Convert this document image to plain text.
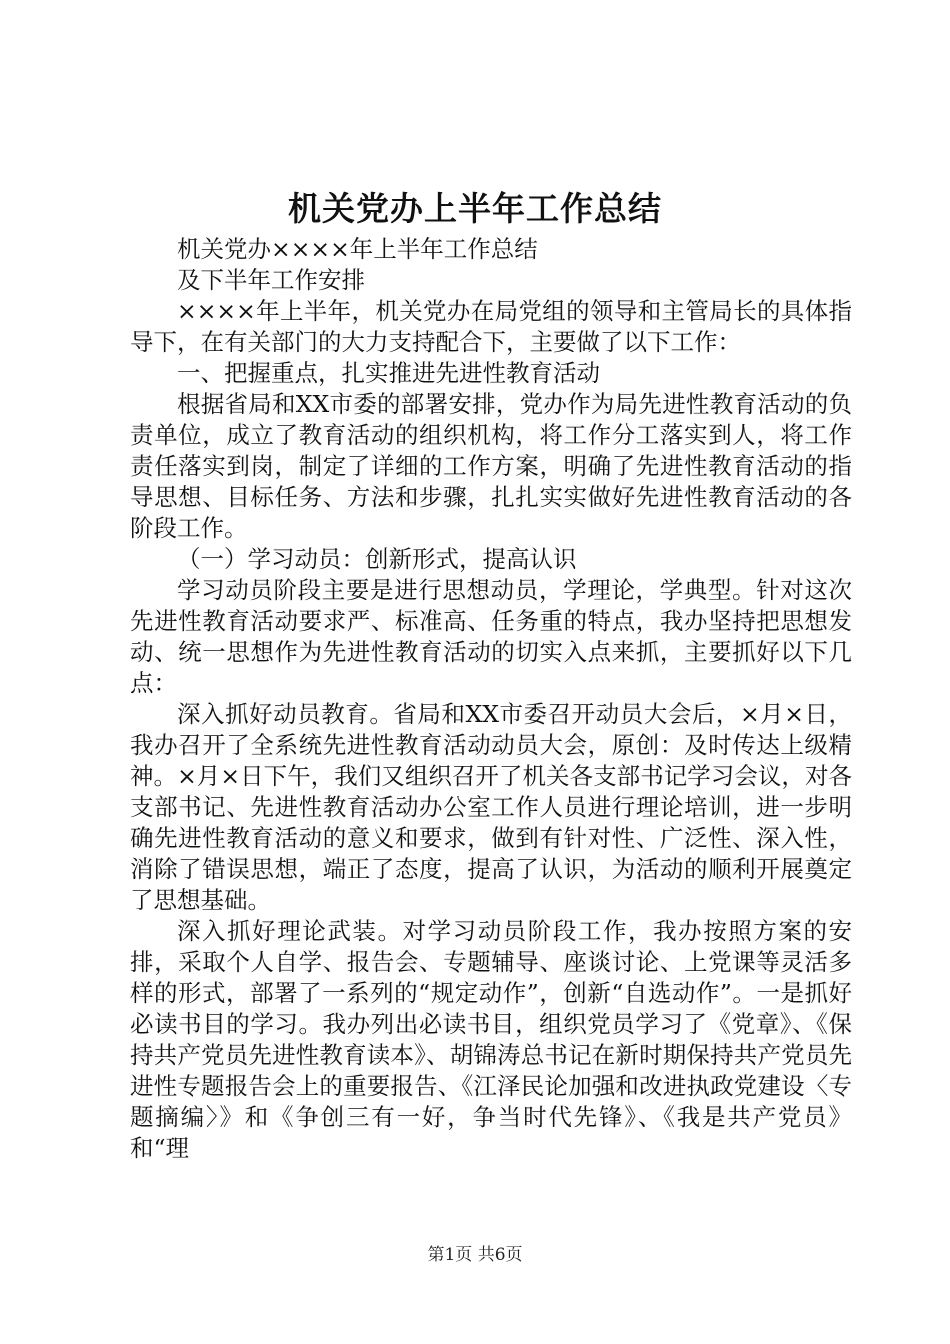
机关党办上半年工作总结

机关党办××××年上半年工作总结

及下半年工作安排

××××年上半年，机关党办在局党组的领导和主管局长的具体指导下，在有关部门的大力支持配合下，主要做了以下工作：

一、把握重点，扎实推进先进性教育活动

根据省局和XX市委的部署安排，党办作为局先进性教育活动的负责单位，成立了教育活动的组织机构，将工作分工落实到人，将工作责任落实到岗，制定了详细的工作方案，明确了先进性教育活动的指导思想、目标任务、方法和步骤，扎扎实实做好先进性教育活动的各阶段工作。

（一）学习动员：创新形式，提高认识

学习动员阶段主要是进行思想动员，学理论，学典型。针对这次先进性教育活动要求严、标准高、任务重的特点，我办坚持把思想发动、统一思想作为先进性教育活动的切实入点来抓，主要抓好以下几点：

深入抓好动员教育。省局和XX市委召开动员大会后，×月×日，我办召开了全系统先进性教育活动动员大会，原创：及时传达上级精神。×月×日下午，我们又组织召开了机关各支部书记学习会议，对各支部书记、先进性教育活动办公室工作人员进行理论培训，进一步明确先进性教育活动的意义和要求，做到有针对性、广泛性、深入性，消除了错误思想，端正了态度，提高了认识，为活动的顺利开展奠定了思想基础。

深入抓好理论武装。对学习动员阶段工作，我办按照方案的安排，采取个人自学、报告会、专题辅导、座谈讨论、上党课等灵活多样的形式，部署了一系列的“规定动作”，创新“自选动作”。一是抓好必读书目的学习。我办列出必读书目，组织党员学习了《党章》、《保持共产党员先进性教育读本》、胡锦涛总书记在新时期保持共产党员先进性专题报告会上的重要报告、《江泽民论加强和改进执政党建设〈专题摘编〉》和《争创三有一好，争当时代先锋》、《我是共产党员》和“理

第1页 共6页
